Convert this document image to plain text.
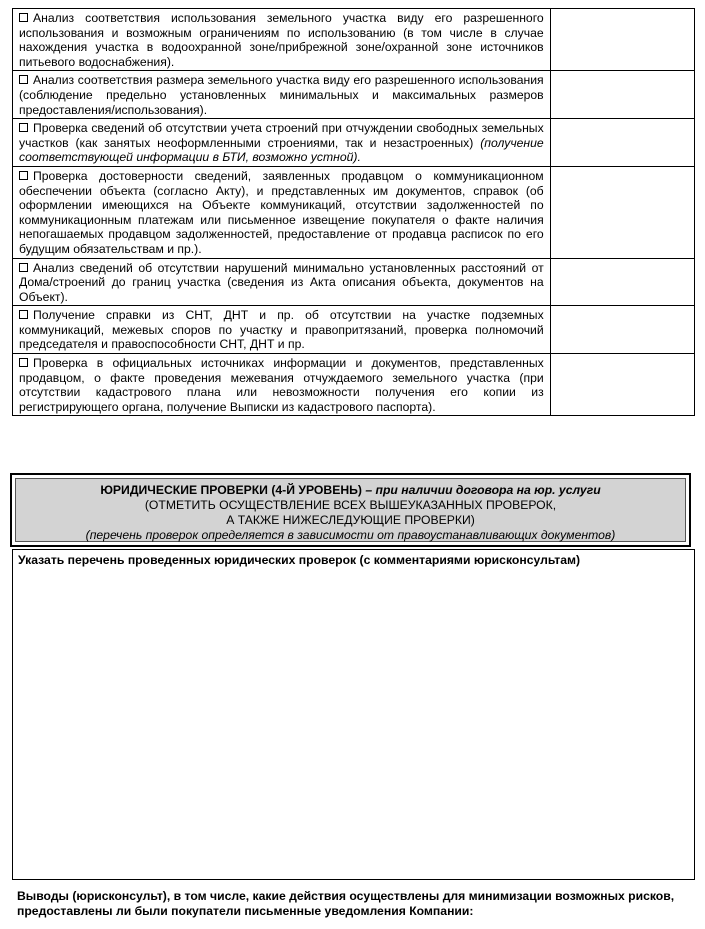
Анализ соответствия использования земельного участка виду его разрешенного использования и возможным ограничениям по использованию (в том числе в случае нахождения участка в водоохранной зоне/прибрежной зоне/охранной зоне источников питьевого водоснабжения).	
Анализ соответствия размера земельного участка виду его разрешенного использования (соблюдение предельно установленных минимальных и максимальных размеров предоставления/использования).	
Проверка сведений об отсутствии учета строений при отчуждении свободных земельных участков (как занятых неоформленными строениями, так и незастроенных) (получение соответствующей информации в БТИ, возможно устной).	
Проверка достоверности сведений, заявленных продавцом о коммуникационном обеспечении объекта (согласно Акту), и представленных им документов, справок (об оформлении имеющихся на Объекте коммуникаций, отсутствии задолженностей по коммуникационным платежам или письменное извещение покупателя о факте наличия непогашаемых продавцом задолженностей, предоставление от продавца расписок по его будущим обязательствам и пр.).	
Анализ сведений об отсутствии нарушений минимально установленных расстояний от Дома/строений до границ участка (сведения из Акта описания объекта, документов на Объект).	
Получение справки из СНТ, ДНТ и пр. об отсутствии на участке подземных коммуникаций, межевых споров по участку и правопритязаний, проверка полномочий председателя и правоспособности СНТ, ДНТ и пр.	
Проверка в официальных источниках информации и документов, представленных продавцом, о факте проведения межевания отчуждаемого земельного участка (при отсутствии кадастрового плана или невозможности получения его копии из регистрирующего органа, получение Выписки из кадастрового паспорта).	
ЮРИДИЧЕСКИЕ ПРОВЕРКИ (4-Й УРОВЕНЬ) – при наличии договора на юр. услуги
(ОТМЕТИТЬ ОСУЩЕСТВЛЕНИЕ ВСЕХ ВЫШЕУКАЗАННЫХ ПРОВЕРОК,
А ТАКЖЕ НИЖЕСЛЕДУЮЩИЕ ПРОВЕРКИ)
(перечень проверок определяется в зависимости от правоустанавливающих документов)
Указать перечень проведенных юридических проверок (с комментариями юрисконсультам)
Выводы (юрисконсульт), в том числе, какие действия осуществлены для минимизации возможных рисков, предоставлены ли были покупатели письменные уведомления Компании:
